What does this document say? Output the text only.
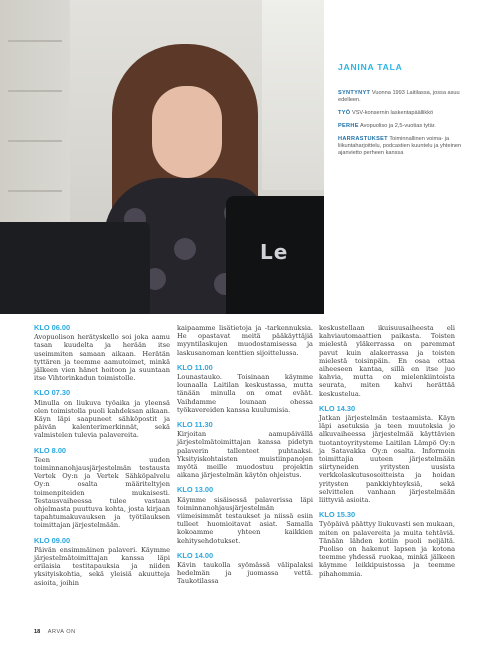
Le
JANINA TALA
SYNTYNYT Vuonna 1993 Laitilassa, jossa asuu edelleen.
TYÖ VSV-konsernin laskentapäällikkö
PERHE Avopuoliso ja 2,5-vuotias tytär.
HARRASTUKSET Toiminnallinen voima- ja liikuntaharjoittelu, podcastien kuuntelu ja yhteinen ajanvietto perheen kanssa

KLO 06.00
Avopuolison herätyskello soi joka aamu tasan kuudelta ja herään itse useimmiten samaan aikaan. Herätän tyttären ja teemme aamutoimet, minkä jälkeen vien hänet hoitoon ja suuntaan itse Vihtorinkadun toimistolle.

KLO 07.30
Minulla on liukuva työaika ja yleensä olen toimistolla puoli kahdeksan aikaan. Käyn läpi saapuneet sähköpostit ja päivän kalenterimerkinnät, sekä valmistelen tulevia palavereita.

KLO 8.00
Teen uuden toiminnanohjausjärjestelmän testausta Vertek Oy:n ja Vertek Sähköpalvelu Oy:n osalta määriteltyjen toimenpiteiden mukaisesti. Testausvaiheessa tulee vastaan ohjelmasta puuttuva kohta, josta kirjaan tapahtumakuvauksen ja työtilauksen toimittajan järjestelmään.

KLO 09.00
Päivän ensimmäinen palaveri. Käymme järjestelmätoimittajan kanssa läpi erilaisia testitapauksia ja niiden yksityiskohtia, sekä yleisiä akuutteja asioita, joihin

kaipaamme lisätietoja ja -tarkennuksia. He opastavat meitä pääkäyttäjiä myyntilaskujen muodostamisessa ja laskusanoman kenttien sijoittelussa.

KLO 11.00
Lounastauko. Toisinaan käymme lounaalla Laitilan keskustassa, mutta tänään minulla on omat eväät. Vaihdamme lounaan ohessa työkavereiden kanssa kuulumisia.

KLO 11.30
Kirjoitan aamupäivällä järjestelmätoimittajan kanssa pidetyn palaverin tallenteet puhtaaksi. Yksityiskohtaisten muistiinpanojen myötä meille muodostuu projektin aikana järjestelmän käytön ohjeistus.

KLO 13.00
Käymme sisäisessä palaverissa läpi toiminnanohjausjärjestelmän viimeisimmät testaukset ja niissä esiin tulleet huomioitavat asiat. Samalla kokoamme yhteen kaikkien kehitysehdotukset.

KLO 14.00
Kävin taukolla syömässä välipalaksi hedelmän ja juomassa vettä. Taukotilassa

keskustellaan ikuisuusaiheesta eli kahviautomaattien paikasta. Toisten mielestä yläkerrassa on paremmat pavut kuin alakerrassa ja toisten mielestä toisinpäin. En osaa ottaa aiheeseen kantaa, sillä en itse juo kahvia, mutta on mielenkiintoista seurata, miten kahvi herättää keskustelua.

KLO 14.30
Jatkan järjestelmän testaamista. Käyn läpi asetuksia ja teen muutoksia jo alkuvaiheessa järjestelmää käyttävien tuotantoyritysteme Laitilan Lämpö Oy:n ja Satavakka Oy:n osalta. Informoin toimittajia uuteen järjestelmään siirtyneiden yritysten uusista verkkolaskutusosoitteista ja hoidan yritysten pankkiyhteyksiä, sekä selvittelen vanhaan järjestelmään liittyviä asioita.

KLO 15.30
Työpäivä päättyy liukuvasti sen mukaan, miten on palavereita ja muita tehtäviä. Tänään lähden kotiin puoli neljältä. Puoliso on hakenut lapsen ja kotona teemme yhdessä ruokaa, minkä jälkeen käymme leikkipuistossa ja teemme pihahommia.

18 ARVA ON
